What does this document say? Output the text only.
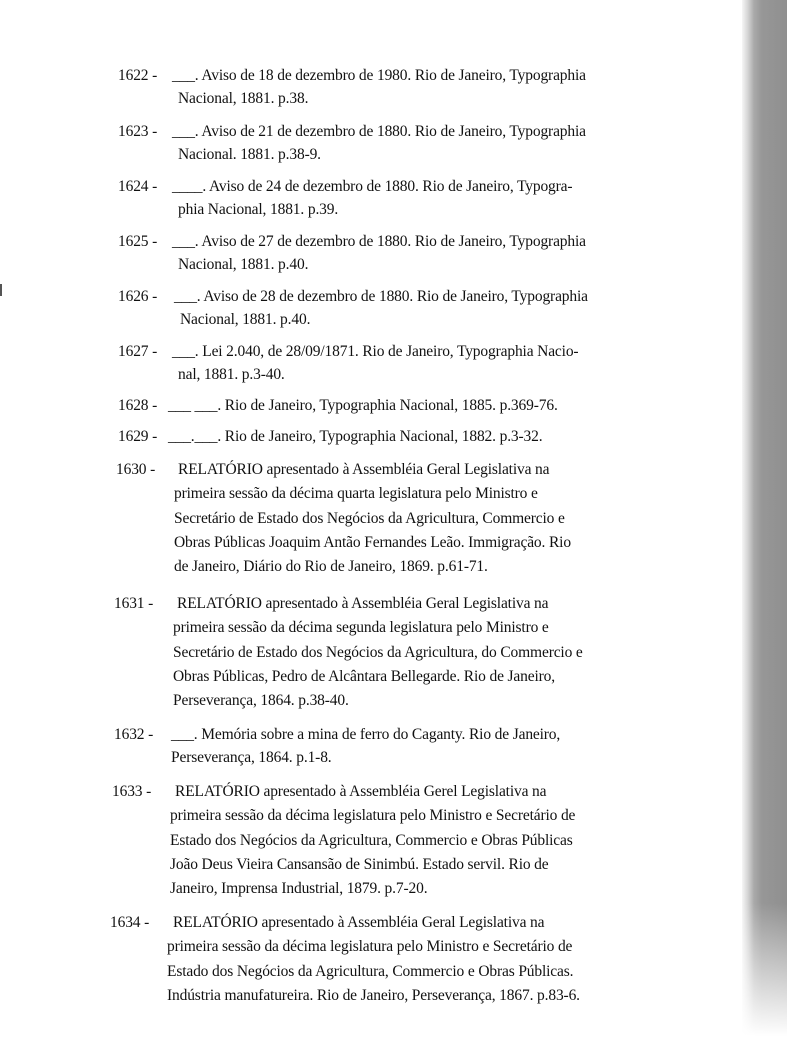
1622 - ___. Aviso de 18 de dezembro de 1980. Rio de Janeiro, Typographia
Nacional, 1881. p.38.
1623 - ___. Aviso de 21 de dezembro de 1880. Rio de Janeiro, Typographia
Nacional. 1881. p.38-9.
1624 - ____. Aviso de 24 de dezembro de 1880. Rio de Janeiro, Typogra-
phia Nacional, 1881. p.39.
1625 - ___. Aviso de 27 de dezembro de 1880. Rio de Janeiro, Typographia
Nacional, 1881. p.40.
1626 - ___. Aviso de 28 de dezembro de 1880. Rio de Janeiro, Typographia
Nacional, 1881. p.40.
1627 - ___. Lei 2.040, de 28/09/1871. Rio de Janeiro, Typographia Nacio-
nal, 1881. p.3-40.
1628 - ___ ___. Rio de Janeiro, Typographia Nacional, 1885. p.369-76.
1629 - ___.___. Rio de Janeiro, Typographia Nacional, 1882. p.3-32.
1630 - RELATÓRIO apresentado à Assembléia Geral Legislativa na
primeira sessão da décima quarta legislatura pelo Ministro e
Secretário de Estado dos Negócios da Agricultura, Commercio e
Obras Públicas Joaquim Antão Fernandes Leão. Immigração. Rio
de Janeiro, Diário do Rio de Janeiro, 1869. p.61-71.
1631 - RELATÓRIO apresentado à Assembléia Geral Legislativa na
primeira sessão da décima segunda legislatura pelo Ministro e
Secretário de Estado dos Negócios da Agricultura, do Commercio e
Obras Públicas, Pedro de Alcântara Bellegarde. Rio de Janeiro,
Perseverança, 1864. p.38-40.
1632 - ___. Memória sobre a mina de ferro do Caganty. Rio de Janeiro,
Perseverança, 1864. p.1-8.
1633 - RELATÓRIO apresentado à Assembléia Gerel Legislativa na
primeira sessão da décima legislatura pelo Ministro e Secretário de
Estado dos Negócios da Agricultura, Commercio e Obras Públicas
João Deus Vieira Cansansão de Sinimbú. Estado servil. Rio de
Janeiro, Imprensa Industrial, 1879. p.7-20.
1634 - RELATÓRIO apresentado à Assembléia Geral Legislativa na
primeira sessão da décima legislatura pelo Ministro e Secretário de
Estado dos Negócios da Agricultura, Commercio e Obras Públicas.
Indústria manufatureira. Rio de Janeiro, Perseverança, 1867. p.83-6.
